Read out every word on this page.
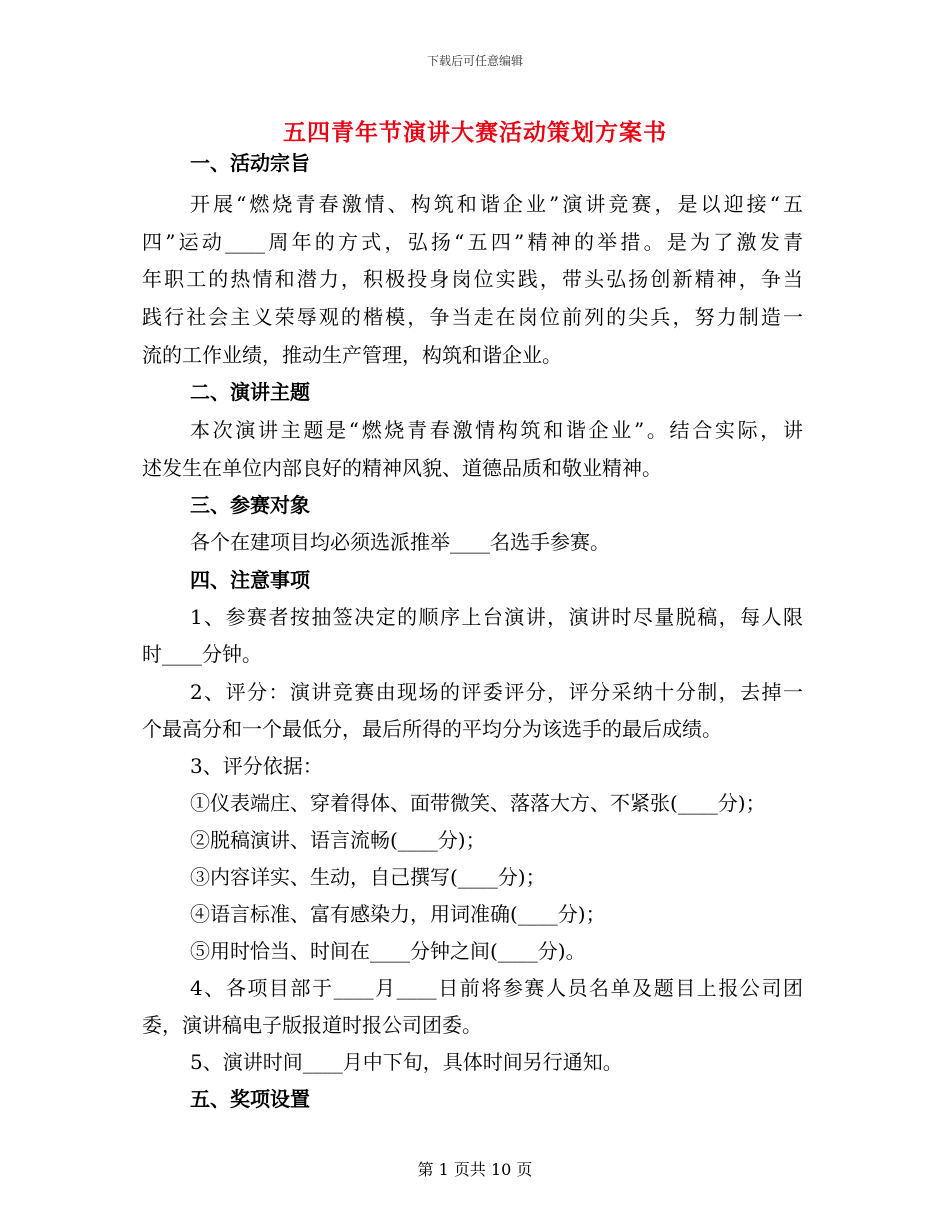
下载后可任意编辑
五四青年节演讲大赛活动策划方案书
一、活动宗旨
开展“燃烧青春激情、构筑和谐企业”演讲竞赛，是以迎接“五
四”运动____周年的方式，弘扬“五四”精神的举措。是为了激发青
年职工的热情和潜力，积极投身岗位实践，带头弘扬创新精神，争当
践行社会主义荣辱观的楷模，争当走在岗位前列的尖兵，努力制造一
流的工作业绩，推动生产管理，构筑和谐企业。
二、演讲主题
本次演讲主题是“燃烧青春激情构筑和谐企业”。结合实际，讲
述发生在单位内部良好的精神风貌、道德品质和敬业精神。
三、参赛对象
各个在建项目均必须选派推举____名选手参赛。
四、注意事项
1、参赛者按抽签决定的顺序上台演讲，演讲时尽量脱稿，每人限
时____分钟。
2、评分：演讲竞赛由现场的评委评分，评分采纳十分制，去掉一
个最高分和一个最低分，最后所得的平均分为该选手的最后成绩。
3、评分依据：
①仪表端庄、穿着得体、面带微笑、落落大方、不紧张(____分)；
②脱稿演讲、语言流畅(____分)；
③内容详实、生动，自己撰写(____分)；
④语言标准、富有感染力，用词准确(____分)；
⑤用时恰当、时间在____分钟之间(____分)。
4、各项目部于____月____日前将参赛人员名单及题目上报公司团
委，演讲稿电子版报道时报公司团委。
5、演讲时间____月中下旬，具体时间另行通知。
五、奖项设置
第 1 页共 10 页
